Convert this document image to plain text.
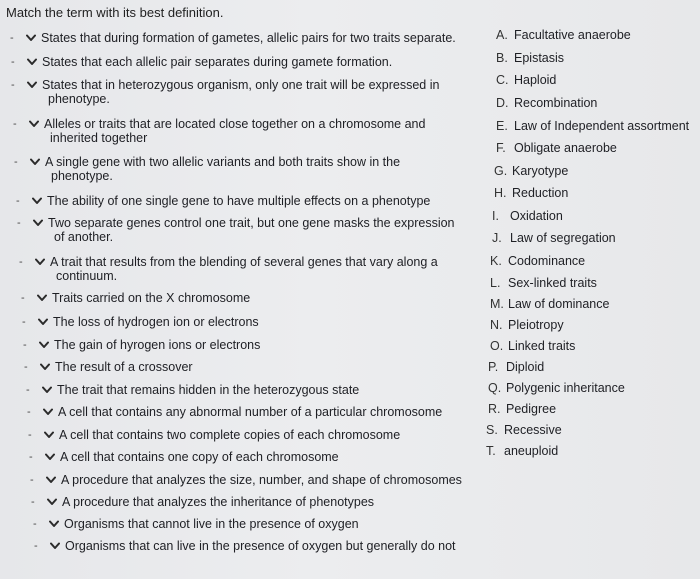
Match the term with its best definition.
-	States that during formation of gametes, allelic pairs for two traits separate.
-	States that each allelic pair separates during gamete formation.
-	States that in heterozygous organism, only one trait will be expressed in
phenotype.
-	Alleles or traits that are located close together on a chromosome and
inherited together
-	A single gene with two allelic variants and both traits show in the
phenotype.
-	The ability of one single gene to have multiple effects on a phenotype
-	Two separate genes control one trait, but one gene masks the expression
of another.
-	A trait that results from the blending of several genes that vary along a
continuum.
-	Traits carried on the X chromosome
-	The loss of hydrogen ion or electrons
-	The gain of hyrogen ions or electrons
-	The result of a crossover
-	The trait that remains hidden in the heterozygous state
-	A cell that contains any abnormal number of a particular chromosome
-	A cell that contains two complete copies of each chromosome
-	A cell that contains one copy of each chromosome
-	A procedure that analyzes the size, number, and shape of chromosomes
-	A procedure that analyzes the inheritance of phenotypes
-	Organisms that cannot live in the presence of oxygen
-	Organisms that can live in the presence of oxygen but generally do not
A. Facultative anaerobe
B. Epistasis
C. Haploid
D. Recombination
E. Law of Independent assortment
F. Obligate anaerobe
G. Karyotype
H. Reduction
I. Oxidation
J. Law of segregation
K. Codominance
L. Sex-linked traits
M. Law of dominance
N. Pleiotropy
O. Linked traits
P. Diploid
Q. Polygenic inheritance
R. Pedigree
S. Recessive
T. aneuploid
